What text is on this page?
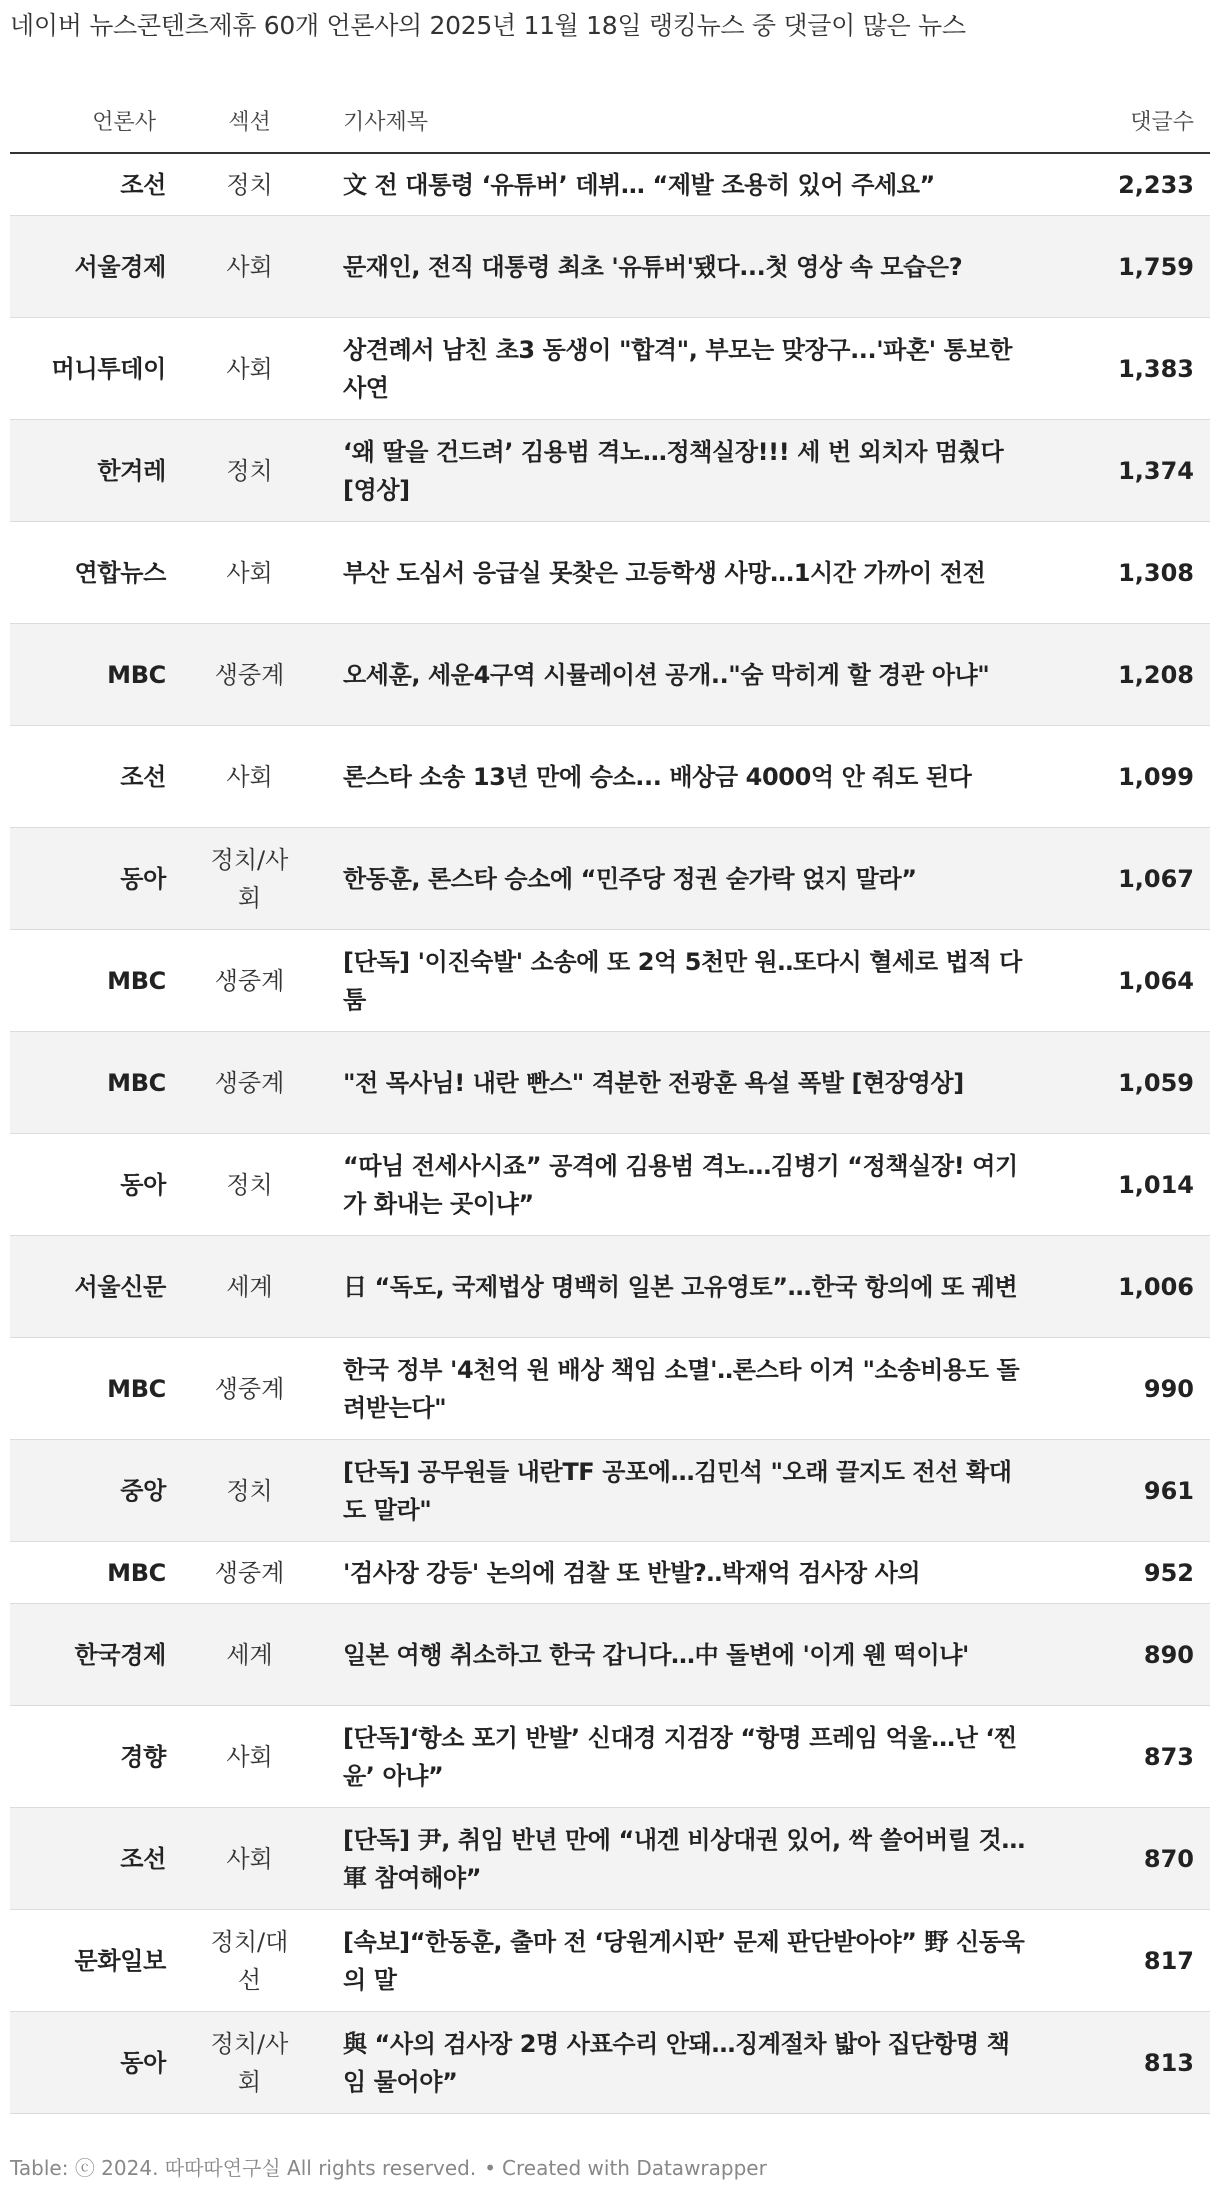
네이버 뉴스콘텐츠제휴 60개 언론사의 2025년 11월 18일 랭킹뉴스 중 댓글이 많은 뉴스
언론사	섹션	기사제목	댓글수
조선	정치	文 전 대통령 ‘유튜버’ 데뷔… “제발 조용히 있어 주세요”	2,233
서울경제	사회	문재인, 전직 대통령 최초 '유튜버'됐다...첫 영상 속 모습은?	1,759
머니투데이	사회	상견례서 남친 초3 동생이 "합격", 부모는 맞장구...'파혼' 통보한 사연	1,383
한겨레	정치	‘왜 딸을 건드려’ 김용범 격노…정책실장!!! 세 번 외치자 멈췄다 [영상]	1,374
연합뉴스	사회	부산 도심서 응급실 못찾은 고등학생 사망…1시간 가까이 전전	1,308
MBC	생중계	오세훈, 세운4구역 시뮬레이션 공개.."숨 막히게 할 경관 아냐"	1,208
조선	사회	론스타 소송 13년 만에 승소... 배상금 4000억 안 줘도 된다	1,099
동아	정치/사회	한동훈, 론스타 승소에 “민주당 정권 숟가락 얹지 말라”	1,067
MBC	생중계	[단독] '이진숙발' 소송에 또 2억 5천만 원‥또다시 혈세로 법적 다툼	1,064
MBC	생중계	"전 목사님! 내란 빤스" 격분한 전광훈 욕설 폭발 [현장영상]	1,059
동아	정치	“따님 전세사시죠” 공격에 김용범 격노…김병기 “정책실장! 여기가 화내는 곳이냐”	1,014
서울신문	세계	日 “독도, 국제법상 명백히 일본 고유영토”…한국 항의에 또 궤변	1,006
MBC	생중계	한국 정부 '4천억 원 배상 책임 소멸'‥론스타 이겨 "소송비용도 돌려받는다"	990
중앙	정치	[단독] 공무원들 내란TF 공포에…김민석 "오래 끌지도 전선 확대도 말라"	961
MBC	생중계	'검사장 강등' 논의에 검찰 또 반발?‥박재억 검사장 사의	952
한국경제	세계	일본 여행 취소하고 한국 갑니다…中 돌변에 '이게 웬 떡이냐'	890
경향	사회	[단독]‘항소 포기 반발’ 신대경 지검장 “항명 프레임 억울…난 ‘찐윤’ 아냐”	873
조선	사회	[단독] 尹, 취임 반년 만에 “내겐 비상대권 있어, 싹 쓸어버릴 것… 軍 참여해야”	870
문화일보	정치/대선	[속보]“한동훈, 출마 전 ‘당원게시판’ 문제 판단받아야” 野 신동욱의 말	817
동아	정치/사회	與 “사의 검사장 2명 사표수리 안돼…징계절차 밟아 집단항명 책임 물어야”	813
Table: ⓒ 2024. 따따따연구실 All rights reserved. • Created with Datawrapper
